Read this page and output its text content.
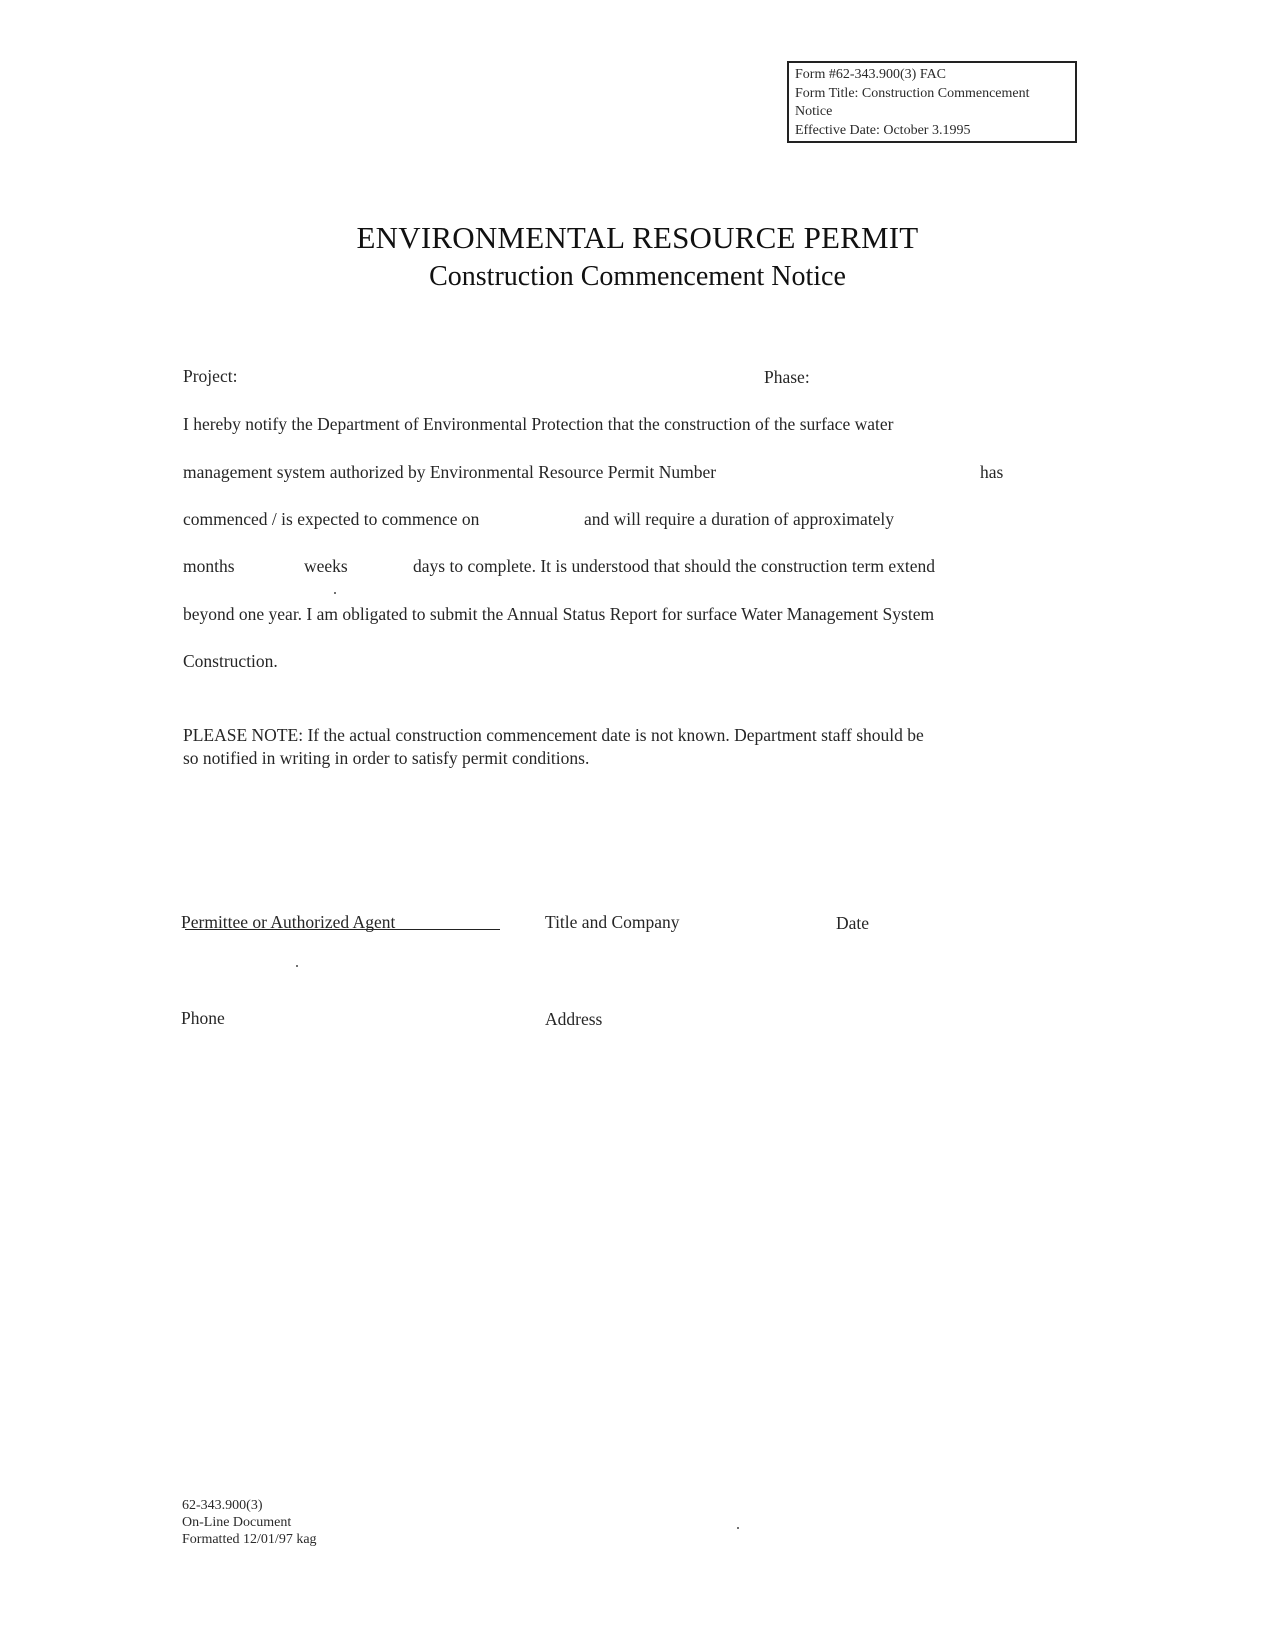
Form #62-343.900(3) FAC
Form Title: Construction Commencement
Notice
Effective Date: October 3.1995
ENVIRONMENTAL RESOURCE PERMIT
Construction Commencement Notice
Project:	Phase:
I hereby notify the Department of Environmental Protection that the construction of the surface water
management system authorized by Environmental Resource Permit Number	has
commenced / is expected to commence on	and will require a duration of approximately
months	weeks	days to complete. It is understood that should the construction term extend
beyond one year. I am obligated to submit the Annual Status Report for surface Water Management System
Construction.
PLEASE NOTE: If the actual construction commencement date is not known. Department staff should be
so notified in writing in order to satisfy permit conditions.
Permittee or Authorized Agent	Title and Company	Date
Phone	Address
62-343.900(3)
On-Line Document
Formatted 12/01/97 kag
